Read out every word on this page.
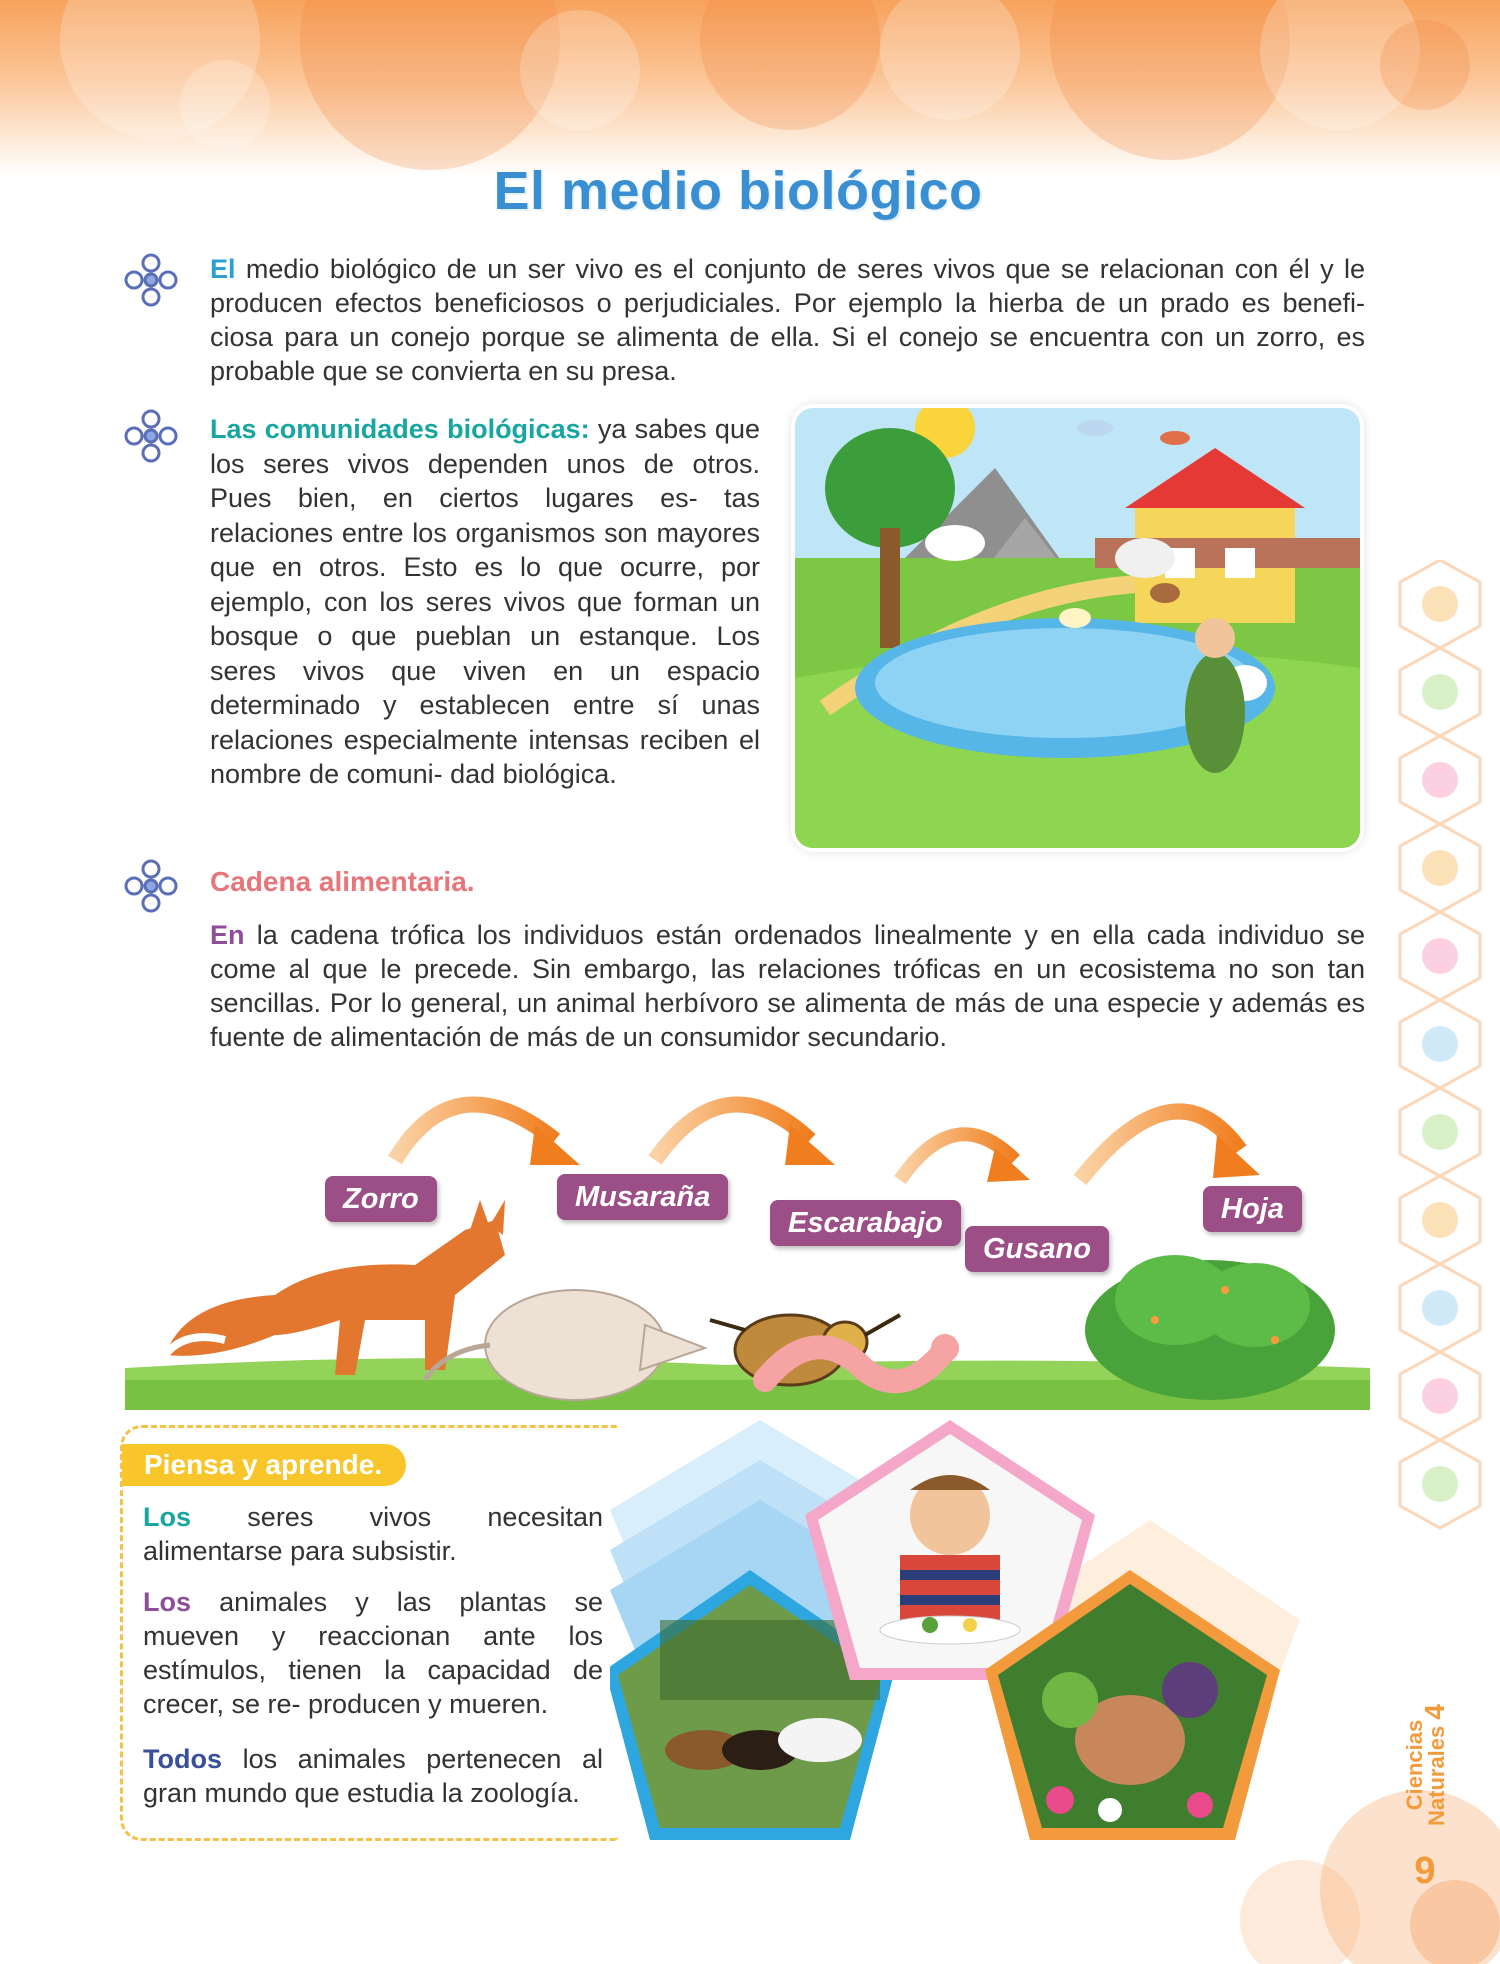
El medio biológico

El medio biológico de un ser vivo es el conjunto de seres vivos que se relacionan con él y le producen efectos beneficiosos o perjudiciales. Por ejemplo la hierba de un prado es benefi- ciosa para un conejo porque se alimenta de ella. Si el conejo se encuentra con un zorro, es probable que se convierta en su presa.

Las comunidades biológicas: ya sabes que los seres vivos dependen unos de otros. Pues bien, en ciertos lugares es- tas relaciones entre los organismos son mayores que en otros. Esto es lo que ocurre, por ejemplo, con los seres vivos que forman un bosque o que pueblan un estanque. Los seres vivos que viven en un espacio determinado y establecen entre sí unas relaciones especialmente intensas reciben el nombre de comuni- dad biológica.

Cadena alimentaria.

En la cadena trófica los individuos están ordenados linealmente y en ella cada individuo se come al que le precede. Sin embargo, las relaciones tróficas en un ecosistema no son tan sencillas. Por lo general, un animal herbívoro se alimenta de más de una especie y además es fuente de alimentación de más de un consumidor secundario.

Zorro	Musaraña
Escarabajo
Gusano
Hoja
Piensa y aprende.

Los seres vivos necesitan alimentarse para subsistir.

Los animales y las plantas se mueven y reaccionan ante los estímulos, tienen la capacidad de crecer, se re- producen y mueren.

Todos los animales pertenecen al gran mundo que estudia la zoología.	Ciencias
Naturales 4
9
